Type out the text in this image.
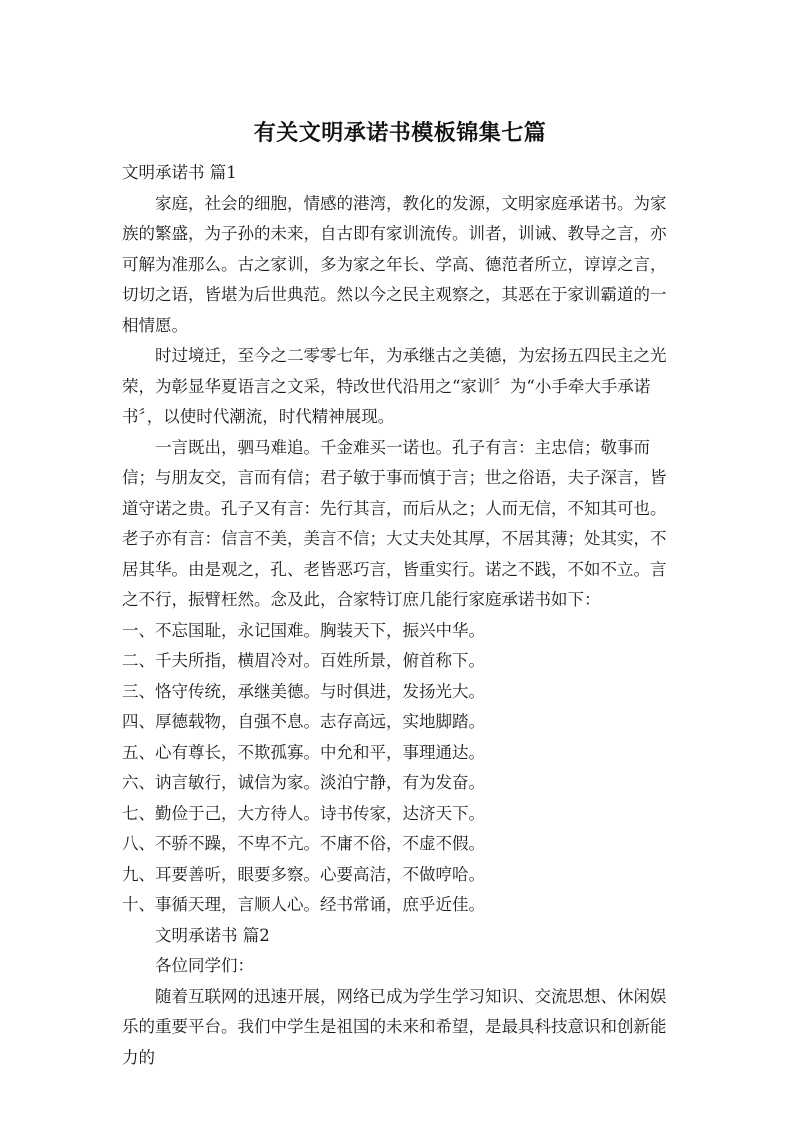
有关文明承诺书模板锦集七篇

文明承诺书 篇1

家庭，社会的细胞，情感的港湾，教化的发源，文明家庭承诺书。为家族的繁盛，为子孙的未来，自古即有家训流传。训者，训诫、教导之言，亦可解为准那么。古之家训，多为家之年长、学高、德范者所立，谆谆之言，切切之语，皆堪为后世典范。然以今之民主观察之，其恶在于家训霸道的一相情愿。

时过境迁，至今之二零零七年，为承继古之美德，为宏扬五四民主之光荣，为彰显华夏语言之文采，特改世代沿用之“家训〞为“小手牵大手承诺书〞，以使时代潮流，时代精神展现。

一言既出，驷马难追。千金难买一诺也。孔子有言：主忠信；敬事而信；与朋友交，言而有信；君子敏于事而慎于言；世之俗语，夫子深言，皆道守诺之贵。孔子又有言：先行其言，而后从之；人而无信，不知其可也。老子亦有言：信言不美，美言不信；大丈夫处其厚，不居其薄；处其实，不居其华。由是观之，孔、老皆恶巧言，皆重实行。诺之不践，不如不立。言之不行，振臂枉然。念及此，合家特订庶几能行家庭承诺书如下：

一、不忘国耻，永记国难。胸装天下，振兴中华。

二、千夫所指，横眉冷对。百姓所景，俯首称下。

三、恪守传统，承继美德。与时俱进，发扬光大。

四、厚德载物，自强不息。志存高远，实地脚踏。

五、心有尊长，不欺孤寡。中允和平，事理通达。

六、讷言敏行，诚信为家。淡泊宁静，有为发奋。

七、勤俭于己，大方待人。诗书传家，达济天下。

八、不骄不躁，不卑不亢。不庸不俗，不虚不假。

九、耳要善听，眼要多察。心要高洁，不做哼哈。

十、事循天理，言顺人心。经书常诵，庶乎近佳。

文明承诺书 篇2

各位同学们：

随着互联网的迅速开展，网络已成为学生学习知识、交流思想、休闲娱乐的重要平台。我们中学生是祖国的未来和希望，是最具科技意识和创新能力的
